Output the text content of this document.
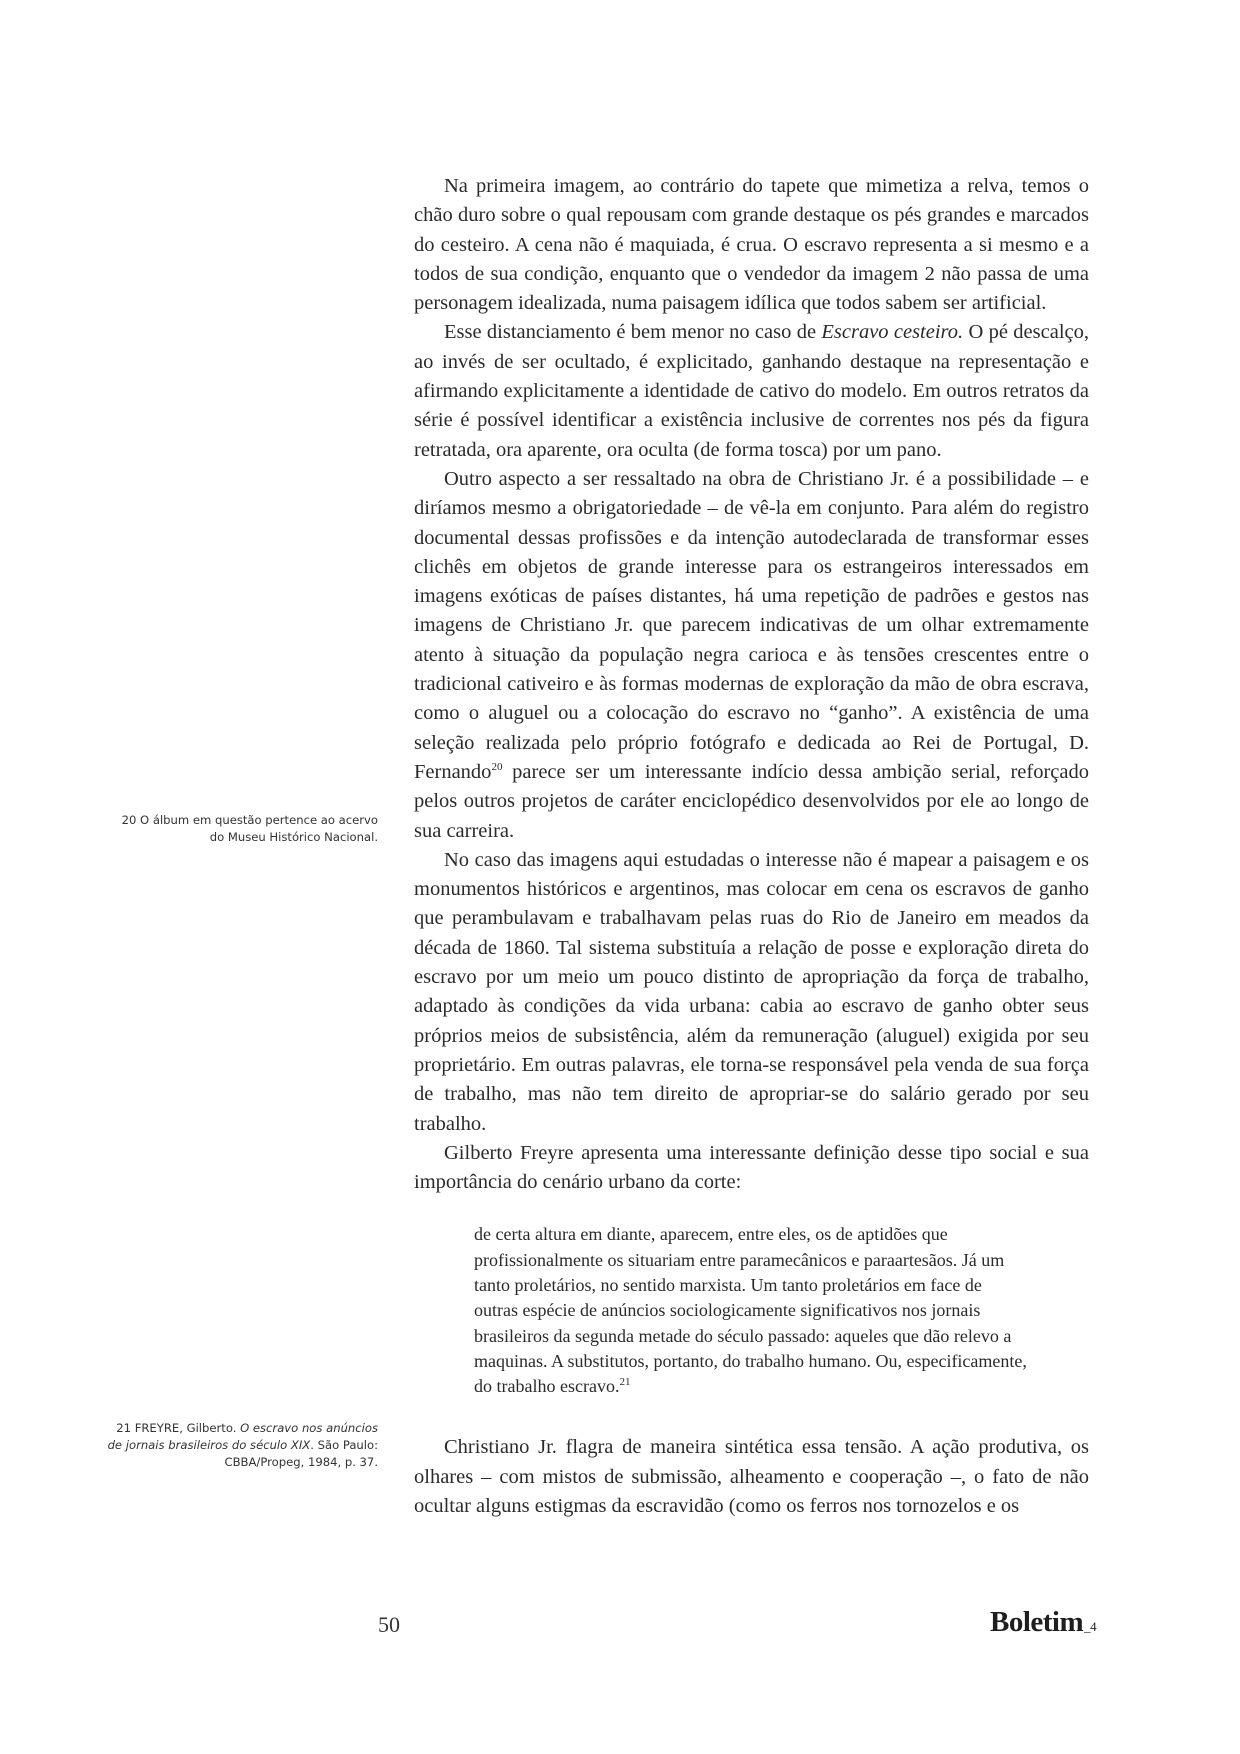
Na primeira imagem, ao contrário do tapete que mimetiza a relva, temos o chão duro sobre o qual repousam com grande destaque os pés grandes e marcados do cesteiro. A cena não é maquiada, é crua. O escravo representa a si mesmo e a todos de sua condição, enquanto que o vendedor da imagem 2 não passa de uma personagem idealizada, numa paisagem idílica que todos sabem ser artificial.

Esse distanciamento é bem menor no caso de Escravo cesteiro. O pé descalço, ao invés de ser ocultado, é explicitado, ganhando destaque na representação e afirmando explicitamente a identidade de cativo do modelo. Em outros retratos da série é possível identificar a existência inclusive de correntes nos pés da figura retratada, ora aparente, ora oculta (de forma tosca) por um pano.

Outro aspecto a ser ressaltado na obra de Christiano Jr. é a possibilidade – e diríamos mesmo a obrigatoriedade – de vê-la em conjunto. Para além do registro documental dessas profissões e da intenção autodeclarada de transformar esses clichês em objetos de grande interesse para os estrangeiros interessados em imagens exóticas de países distantes, há uma repetição de padrões e gestos nas imagens de Christiano Jr. que parecem indicativas de um olhar extremamente atento à situação da população negra carioca e às tensões crescentes entre o tradicional cativeiro e às formas modernas de exploração da mão de obra escrava, como o aluguel ou a colocação do escravo no “ganho”. A existência de uma seleção realizada pelo próprio fotógrafo e dedicada ao Rei de Portugal, D. Fernando$^{20}$ parece ser um interessante indício dessa ambição serial, reforçado pelos outros projetos de caráter enciclopédico desenvolvidos por ele ao longo de sua carreira.

No caso das imagens aqui estudadas o interesse não é mapear a paisagem e os monumentos históricos e argentinos, mas colocar em cena os escravos de ganho que perambulavam e trabalhavam pelas ruas do Rio de Janeiro em meados da década de 1860. Tal sistema substituía a relação de posse e exploração direta do escravo por um meio um pouco distinto de apropriação da força de trabalho, adaptado às condições da vida urbana: cabia ao escravo de ganho obter seus próprios meios de subsistência, além da remuneração (aluguel) exigida por seu proprietário. Em outras palavras, ele torna-se responsável pela venda de sua força de trabalho, mas não tem direito de apropriar-se do salário gerado por seu trabalho.

Gilberto Freyre apresenta uma interessante definição desse tipo social e sua importância do cenário urbano da corte:

de certa altura em diante, aparecem, entre eles, os de aptidões que profissionalmente os situariam entre paramecânicos e paraartesãos. Já um tanto proletários, no sentido marxista. Um tanto proletários em face de outras espécie de anúncios sociologicamente significativos nos jornais brasileiros da segunda metade do século passado: aqueles que dão relevo a maquinas. A substitutos, portanto, do trabalho humano. Ou, especificamente, do trabalho escravo.$^{21}$

Christiano Jr. flagra de maneira sintética essa tensão. A ação produtiva, os olhares – com mistos de submissão, alheamento e cooperação –, o fato de não ocultar alguns estigmas da escravidão (como os ferros nos tornozelos e os

20 O álbum em questão pertence ao acervo
do Museu Histórico Nacional.
21 FREYRE, Gilberto. O escravo nos anúncios
de jornais brasileiros do século XIX. São Paulo:
CBBA/Propeg, 1984, p. 37.
50	Boletim_4
